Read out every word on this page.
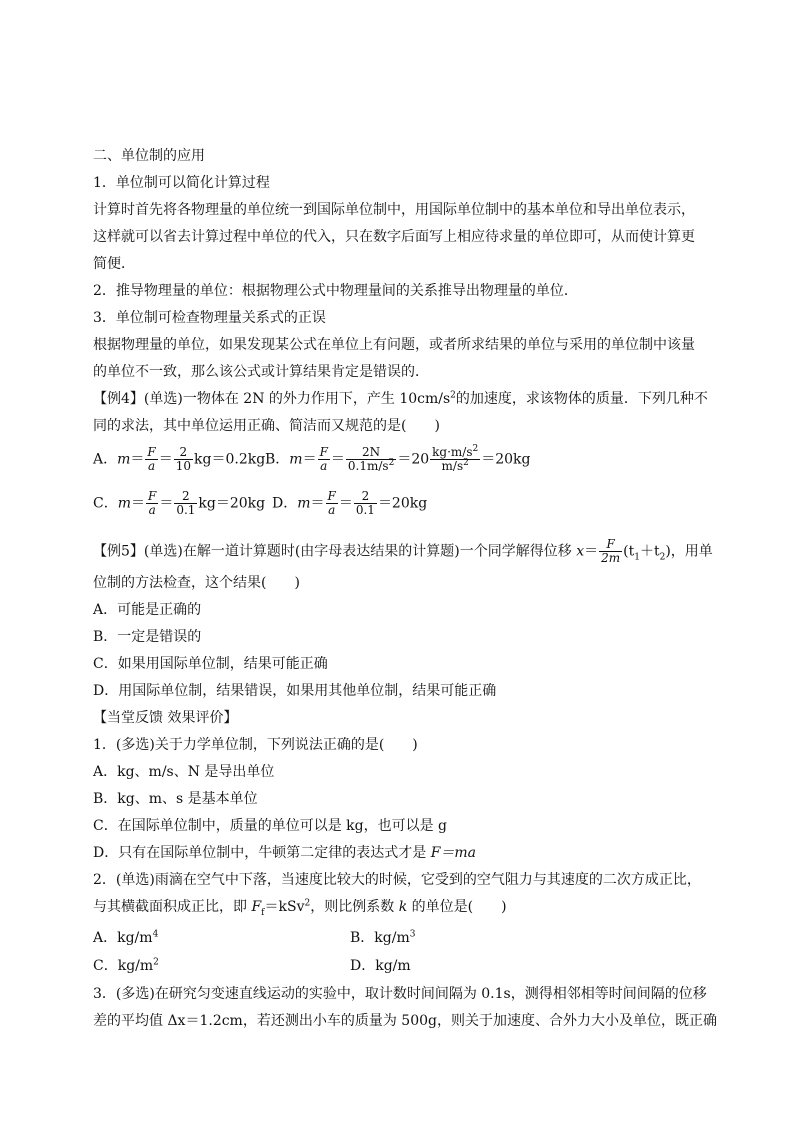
二、单位制的应用
1．单位制可以简化计算过程
计算时首先将各物理量的单位统一到国际单位制中，用国际单位制中的基本单位和导出单位表示，
这样就可以省去计算过程中单位的代入，只在数字后面写上相应待求量的单位即可，从而使计算更
简便．
2．推导物理量的单位：根据物理公式中物理量间的关系推导出物理量的单位．
3．单位制可检查物理量关系式的正误
根据物理量的单位，如果发现某公式在单位上有问题，或者所求结果的单位与采用的单位制中该量
的单位不一致，那么该公式或计算结果肯定是错误的．
【例4】(单选)一物体在 2N 的外力作用下，产生 $10cm/s^2$的加速度，求该物体的质量．下列几种不
同的求法，其中单位运用正确、简洁而又规范的是(　　)
A．$m= \frac{F}{a} = \frac{2}{10} kg=0.2kg$ B．$m= \frac{F}{a} = \frac{2N}{0.1m/s^2} =20 \frac{kg\cdot m/s^2}{m/s^2} =20kg$
C．$m= \frac{F}{a} = \frac{2}{0.1} kg=20kg$ D．$m= \frac{F}{a} = \frac{2}{0.1} =20kg$
【例5】(单选)在解一道计算题时(由字母表达结果的计算题)一个同学解得位移 $x= \frac{F}{2m} (t_1+t_2)$，用单
位制的方法检查，这个结果(　　)
A．可能是正确的
B．一定是错误的
C．如果用国际单位制，结果可能正确
D．用国际单位制，结果错误，如果用其他单位制，结果可能正确
【当堂反馈 效果评价】
1．(多选)关于力学单位制，下列说法正确的是(　　)
A．kg、m/s、N 是导出单位
B．kg、m、s 是基本单位
C．在国际单位制中，质量的单位可以是 kg，也可以是 g
D．只有在国际单位制中，牛顿第二定律的表达式才是 F＝ma
2．(单选)雨滴在空气中下落，当速度比较大的时候，它受到的空气阻力与其速度的二次方成正比，
与其横截面积成正比，即 $F_f=kSv^2$，则比例系数 k 的单位是(　　)
A．$kg/m^4$	B．$kg/m^3$
C．$kg/m^2$	D．kg/m
3．(多选)在研究匀变速直线运动的实验中，取计数时间间隔为 0.1s，测得相邻相等时间间隔的位移
差的平均值 Δx＝1.2cm，若还测出小车的质量为 500g，则关于加速度、合外力大小及单位，既正确
